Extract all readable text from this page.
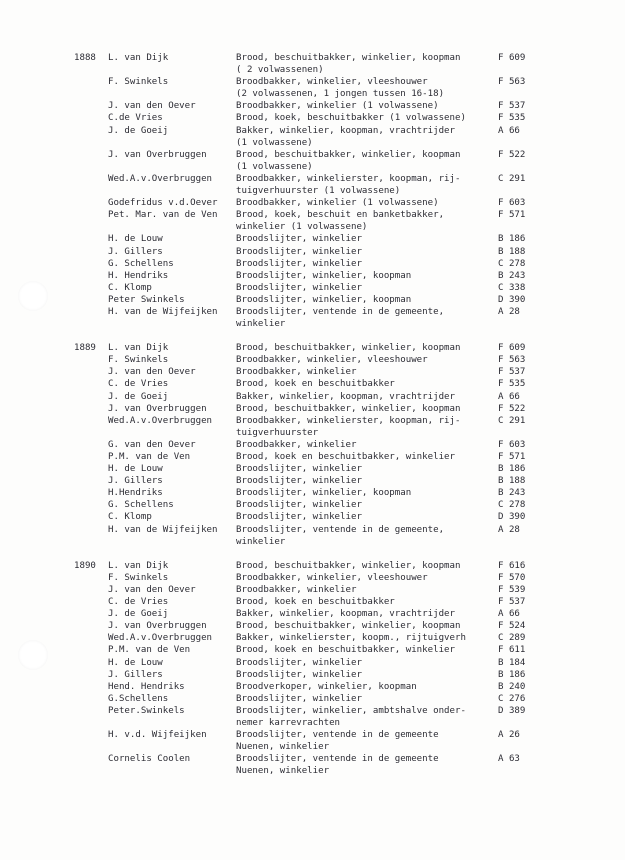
1888 L. van Dijk	Brood, beschuitbakker, winkelier, koopman	F 609
( 2 volwassenen)
F. Swinkels	Broodbakker, winkelier, vleeshouwer	F 563
(2 volwassenen, 1 jongen tussen 16-18)
J. van den Oever	Broodbakker, winkelier (1 volwassene)	F 537
C.de Vries	Brood, koek, beschuitbakker (1 volwassene)	F 535
J. de Goeij	Bakker, winkelier, koopman, vrachtrijder	A 66
(1 volwassene)
J. van Overbruggen	Brood, beschuitbakker, winkelier, koopman	F 522
(1 volwassene)
Wed.A.v.Overbruggen	Broodbakker, winkelierster, koopman, rij-	C 291
tuigverhuurster (1 volwassene)
Godefridus v.d.Oever Broodbakker, winkelier (1 volwassene)	F 603
Pet. Mar. van de Ven Brood, koek, beschuit en banketbakker,	F 571
winkelier (1 volwassene)
H. de Louw	Broodslijter, winkelier	B 186
J. Gillers	Broodslijter, winkelier	B 188
G. Schellens	Broodslijter, winkelier	C 278
H. Hendriks	Broodslijter, winkelier, koopman	B 243
C. Klomp	Broodslijter, winkelier	C 338
Peter Swinkels	Broodslijter, winkelier, koopman	D 390
H. van de Wijfeijken Broodslijter, ventende in de gemeente,	A 28
winkelier
1889 L. van Dijk	Brood, beschuitbakker, winkelier, koopman	F 609
F. Swinkels	Broodbakker, winkelier, vleeshouwer	F 563
J. van den Oever	Broodbakker, winkelier	F 537
C. de Vries	Brood, koek en beschuitbakker	F 535
J. de Goeij	Bakker, winkelier, koopman, vrachtrijder	A 66
J. van Overbruggen	Brood, beschuitbakker, winkelier, koopman	F 522
Wed.A.v.Overbruggen	Broodbakker, winkelierster, koopman, rij-	C 291
tuigverhuurster
G. van den Oever	Broodbakker, winkelier	F 603
P.M. van de Ven	Brood, koek en beschuitbakker, winkelier	F 571
H. de Louw	Broodslijter, winkelier	B 186
J. Gillers	Broodslijter, winkelier	B 188
H.Hendriks	Broodslijter, winkelier, koopman	B 243
G. Schellens	Broodslijter, winkelier	C 278
C. Klomp	Broodslijter, winkelier	D 390
H. van de Wijfeijken Broodslijter, ventende in de gemeente,	A 28
winkelier
1890 L. van Dijk	Brood, beschuitbakker, winkelier, koopman	F 616
F. Swinkels	Broodbakker, winkelier, vleeshouwer	F 570
J. van den Oever	Broodbakker, winkelier	F 539
C. de Vries	Brood, koek en beschuitbakker	F 537
J. de Goeij	Bakker, winkelier, koopman, vrachtrijder	A 66
J. van Overbruggen	Brood, beschuitbakker, winkelier, koopman	F 524
Wed.A.v.Overbruggen	Bakker, winkelierster, koopm., rijtuigverh	C 289
P.M. van de Ven	Brood, koek en beschuitbakker, winkelier	F 611
H. de Louw	Broodslijter, winkelier	B 184
J. Gillers	Broodslijter, winkelier	B 186
Hend. Hendriks	Broodverkoper, winkelier, koopman	B 240
G.Schellens	Broodslijter, winkelier	C 276
Peter.Swinkels	Broodslijter, winkelier, ambtshalve onder-	D 389
nemer karrevrachten
H. v.d. Wijfeijken	Broodslijter, ventende in de gemeente	A 26
Nuenen, winkelier
Cornelis Coolen	Broodslijter, ventende in de gemeente	A 63
Nuenen, winkelier
